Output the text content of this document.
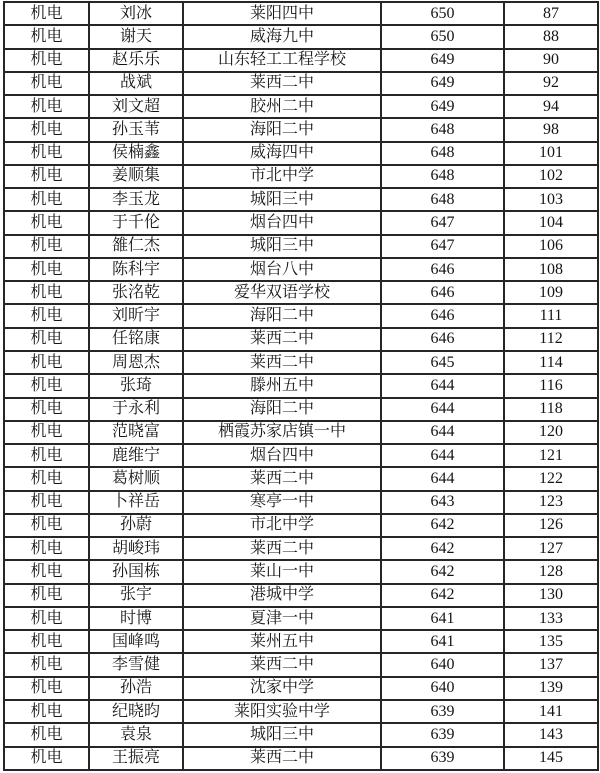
机电	刘冰	莱阳四中	650	87
机电	谢天	威海九中	650	88
机电	赵乐乐	山东轻工工程学校	649	90
机电	战斌	莱西二中	649	92
机电	刘文超	胶州二中	649	94
机电	孙玉苇	海阳二中	648	98
机电	侯楠鑫	威海四中	648	101
机电	姜顺集	市北中学	648	102
机电	李玉龙	城阳三中	648	103
机电	于千伦	烟台四中	647	104
机电	雒仁杰	城阳三中	647	106
机电	陈科宇	烟台八中	646	108
机电	张洺乾	爱华双语学校	646	109
机电	刘昕宇	海阳二中	646	111
机电	任铭康	莱西二中	646	112
机电	周恩杰	莱西二中	645	114
机电	张琦	滕州五中	644	116
机电	于永利	海阳二中	644	118
机电	范晓富	栖霞苏家店镇一中	644	120
机电	鹿维宁	烟台四中	644	121
机电	葛树顺	莱西二中	644	122
机电	卜祥岳	寒亭一中	643	123
机电	孙蔚	市北中学	642	126
机电	胡峻玮	莱西二中	642	127
机电	孙国栋	莱山一中	642	128
机电	张宇	港城中学	642	130
机电	时博	夏津一中	641	133
机电	国峰鸣	莱州五中	641	135
机电	李雪健	莱西二中	640	137
机电	孙浩	沈家中学	640	139
机电	纪晓昀	莱阳实验中学	639	141
机电	袁泉	城阳三中	639	143
机电	王振亮	莱西二中	639	145
